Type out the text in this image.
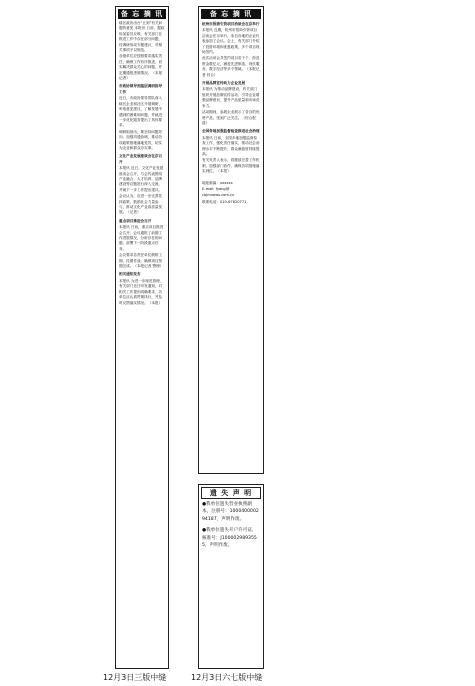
备 忘 摘 讯

辖区政协出台“五到”有关问题的意见 本报讯 日前，据政协某委员反映，有关部门在推进工作中存在部分问题，经调研形成专题建议，对相关事项予以规范。

各级单位应按照要求落实责任，确保工作有序推进，切实解决群众关心的问题，并定期通报进展情况。（本报记者）

市政协领导到基层调研指导工作

近日，市政协领导带队深入辖区企业和社区开展调研，听取意见建议，了解发展中遇到的困难和问题，并就进一步优化服务提出了具体要求。

调研组指出，要坚持问题导向，加强沟通协调，推动各项政策措施落地见效，切实为企业和群众办实事。

文化产业发展座谈会在京召开

本报讯 近日，文化产业发展座谈会召开，与会代表围绕产业融合、人才培养、品牌建设等议题进行深入交流，并就下一步工作提出建议。

会议认为，应进一步完善扶持政策，鼓励社会力量参与，推动文化产业高质量发展。（记者）

重点项目推进会召开

本报讯 日前，重点项目推进会召开，会议通报了前期工作进展情况，分析存在的问题，部署下一阶段重点任务。

会议要求各责任单位倒排工期，挂图作战，确保项目按期完成。（本报记者 整理）

相关通知发布

本报讯 为进一步规范管理，有关部门近日印发通知，对相关工作提出明确要求，各单位应认真贯彻执行，并及时反馈落实情况。（本报）

备 忘 摘 讯

杭州市招商引资项目洽谈会在京举行

本报讯 近期，杭州市招商引资项目洽谈会在京举行，来自各地的企业代表参加了会议。会上，有关部门介绍了投资环境和优惠政策，多个项目现场签约。

此次洽谈会共签约项目若干个，涉及资金数亿元，涵盖先进制造、现代服务、数字经济等多个领域。（本报记者 综合）

开展品牌宣传助力企业发展

本报讯 为推动品牌建设，有关部门组织开展品牌宣传活动，引导企业增强品牌意识，提升产品质量和市场竞争力。

活动期间，参展企业展示了各自的优势产品，受到广泛关注。（综合报道）

全国各地加强监督检查推进社会治理

本报讯 日前，全国多地加强监督检查工作，强化责任落实，推动社会治理水平不断提升，群众满意度持续提高。

有关负责人表示，将继续完善工作机制，加强部门协作，确保各项措施落实到位。（本报）

地址邮编：xxxxxx

E-mail: fyang@

cbjmnews.com.cn

联系电话：010-67820771

遗 失 声 明

●我单位遗失营业执照副本，注册号：100040000294187，声明作废。

●我单位遗失开户许可证，核准号：J1000029893555，声明作废。

12月3日三版中缝	12月3日六七版中缝
